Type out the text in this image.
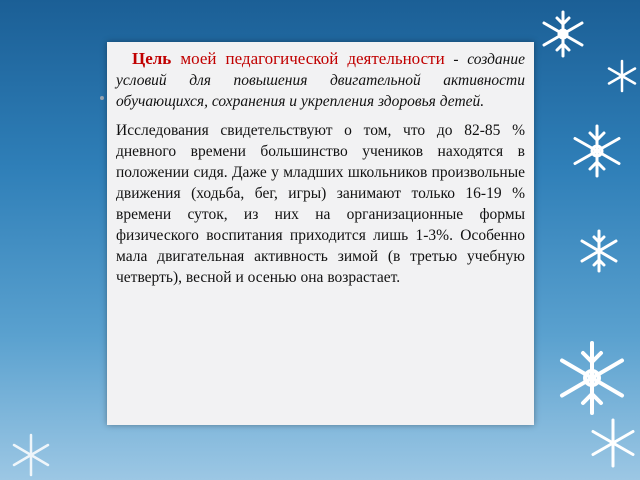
Цель моей педагогической деятельности - создание условий для повышения двигательной активности обучающихся, сохранения и укрепления здоровья детей.
Исследования свидетельствуют о том, что до 82-85 % дневного времени большинство учеников находятся в положении сидя. Даже у младших школьников произвольные движения (ходьба, бег, игры) занимают только 16-19 % времени суток, из них на организационные формы физического воспитания приходится лишь 1-3%. Особенно мала двигательная активность зимой (в третью учебную четверть), весной и осенью она возрастает.
